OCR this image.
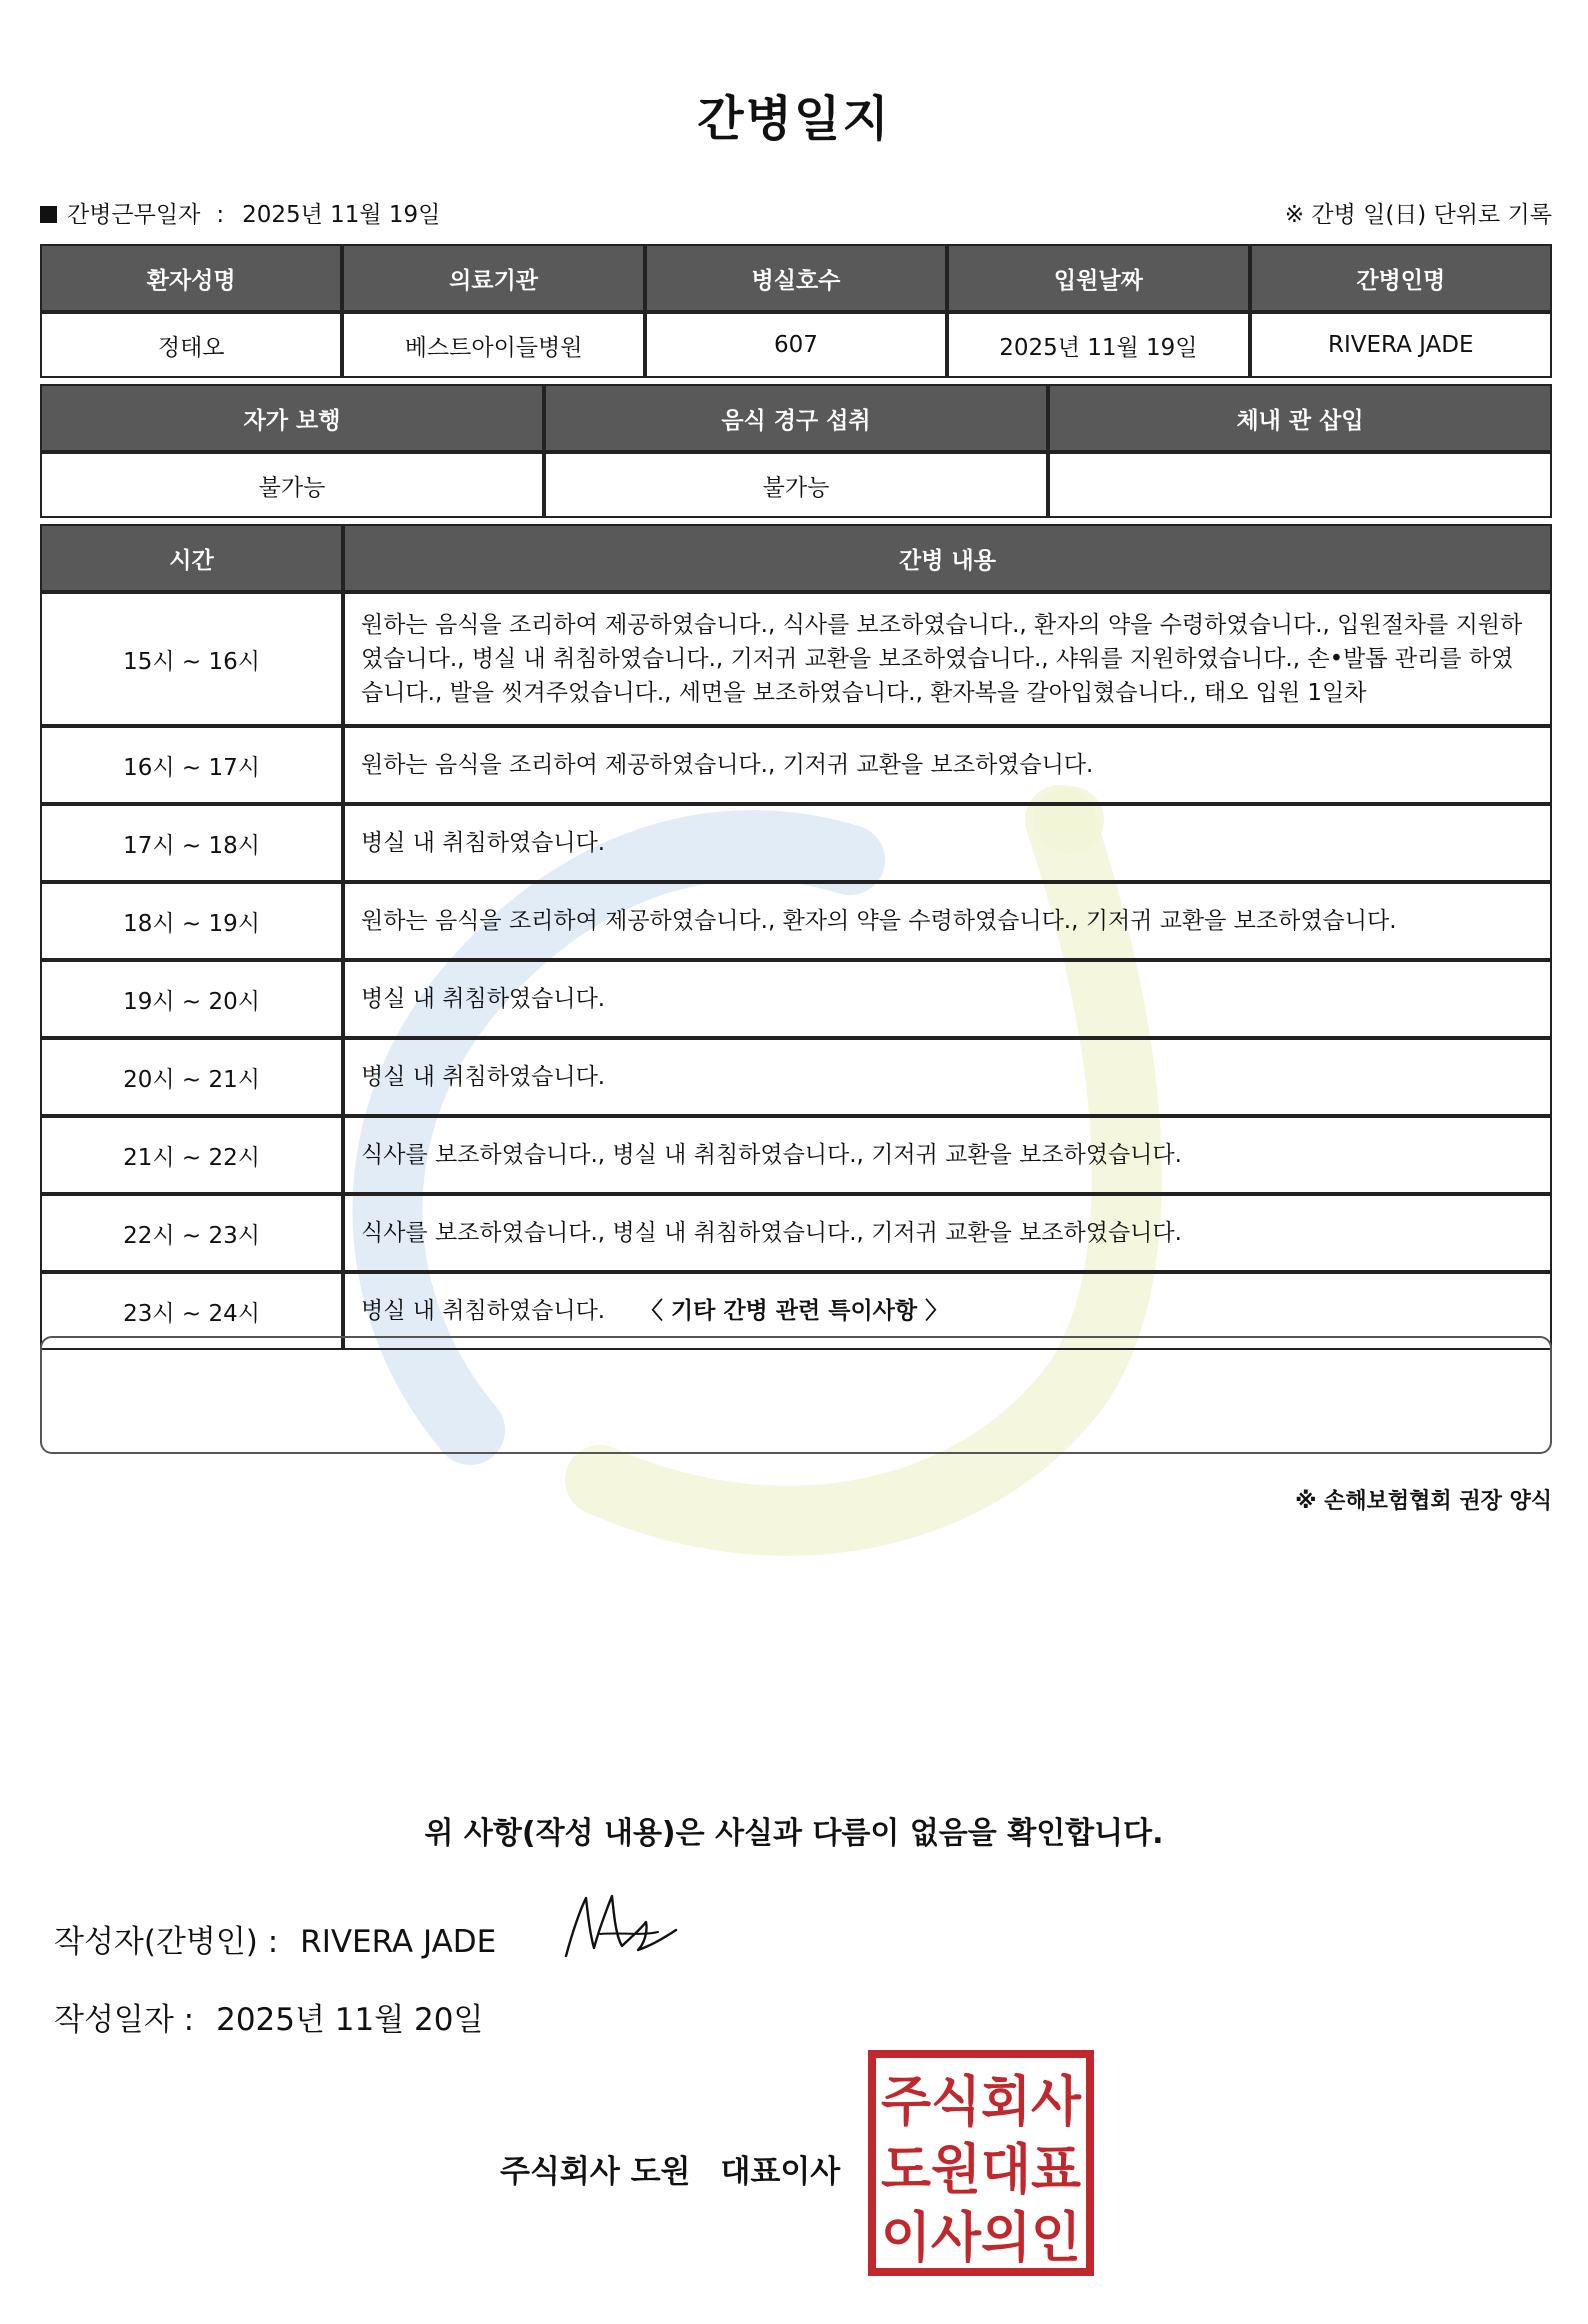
간병일지
간병근무일자 : 2025년 11월 19일	※ 간병 일(日) 단위로 기록
환자성명	의료기관	병실호수	입원날짜	간병인명
정태오	베스트아이들병원	607	2025년 11월 19일	RIVERA JADE
자가 보행	음식 경구 섭취	체내 관 삽입
불가능	불가능	
시간	간병 내용
15시 ~ 16시	원하는 음식을 조리하여 제공하였습니다., 식사를 보조하였습니다., 환자의 약을 수령하였습니다., 입원절차를 지원하였습니다., 병실 내 취침하였습니다., 기저귀 교환을 보조하였습니다., 샤워를 지원하였습니다., 손•발톱 관리를 하였습니다., 발을 씻겨주었습니다., 세면을 보조하였습니다., 환자복을 갈아입혔습니다., 태오 입원 1일차
16시 ~ 17시	원하는 음식을 조리하여 제공하였습니다., 기저귀 교환을 보조하였습니다.
17시 ~ 18시	병실 내 취침하였습니다.
18시 ~ 19시	원하는 음식을 조리하여 제공하였습니다., 환자의 약을 수령하였습니다., 기저귀 교환을 보조하였습니다.
19시 ~ 20시	병실 내 취침하였습니다.
20시 ~ 21시	병실 내 취침하였습니다.
21시 ~ 22시	식사를 보조하였습니다., 병실 내 취침하였습니다., 기저귀 교환을 보조하였습니다.
22시 ~ 23시	식사를 보조하였습니다., 병실 내 취침하였습니다., 기저귀 교환을 보조하였습니다.
23시 ~ 24시	병실 내 취침하였습니다.	〈 기타 간병 관련 특이사항 〉
※ 손해보험협회 권장 양식
위 사항(작성 내용)은 사실과 다름이 없음을 확인합니다.
작성자(간병인) : RIVERA JADE
작성일자 : 2025년 11월 20일
주식회사 도원 대표이사
주식회사
도원대표
이사의인
